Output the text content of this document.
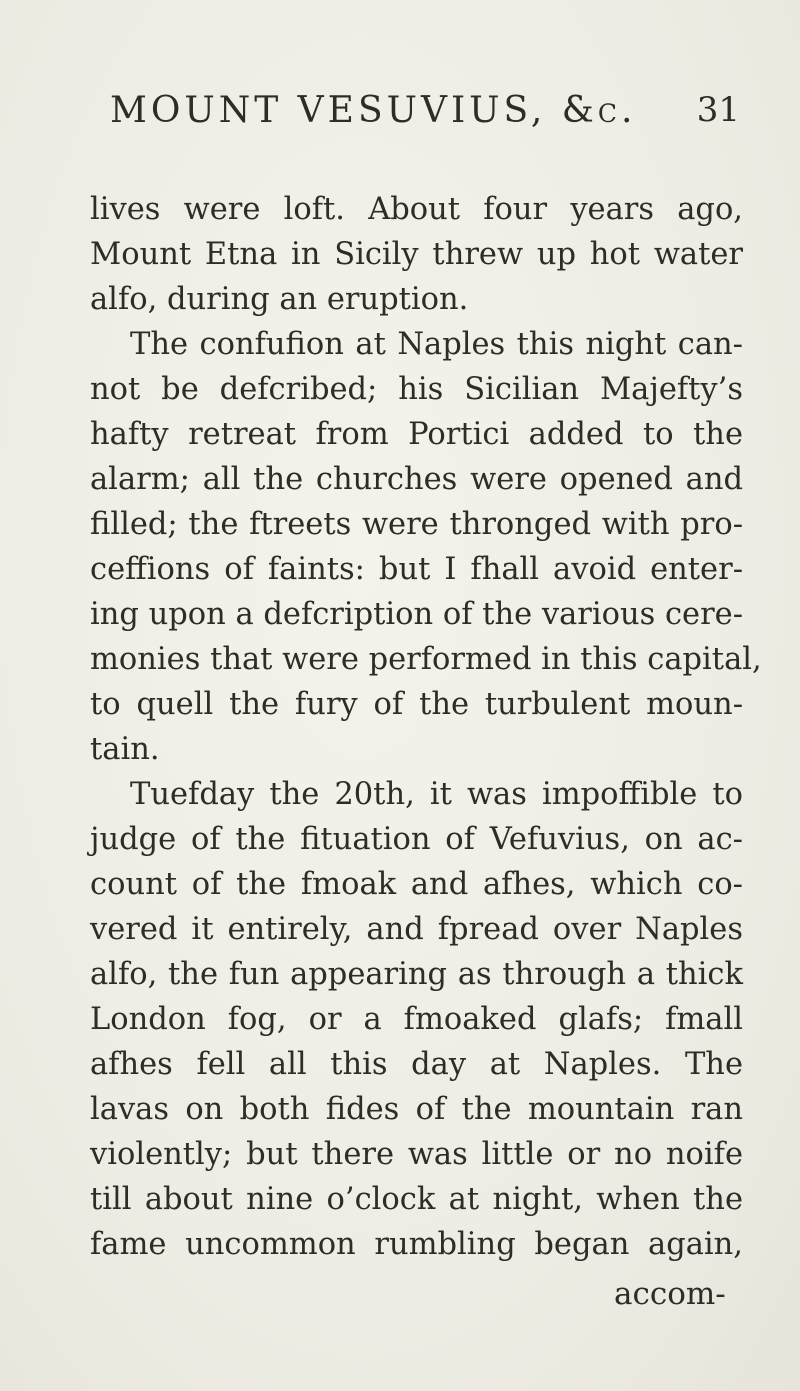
MOUNT VESUVIUS, &c. 31
lives were loft. About four years ago,
Mount Etna in Sicily threw up hot water
alfo, during an eruption.
The confufion at Naples this night can-
not be defcribed; his Sicilian Majefty’s
hafty retreat from Portici added to the
alarm; all the churches were opened and
filled; the ftreets were thronged with pro-
ceffions of faints: but I fhall avoid enter-
ing upon a defcription of the various cere-
monies that were performed in this capital,
to quell the fury of the turbulent moun-
tain.
Tuefday the 20th, it was impoffible to
judge of the fituation of Vefuvius, on ac-
count of the fmoak and afhes, which co-
vered it entirely, and fpread over Naples
alfo, the fun appearing as through a thick
London fog, or a fmoaked glafs; fmall
afhes fell all this day at Naples. The
lavas on both fides of the mountain ran
violently; but there was little or no noife
till about nine o’clock at night, when the
fame uncommon rumbling began again,
accom-
